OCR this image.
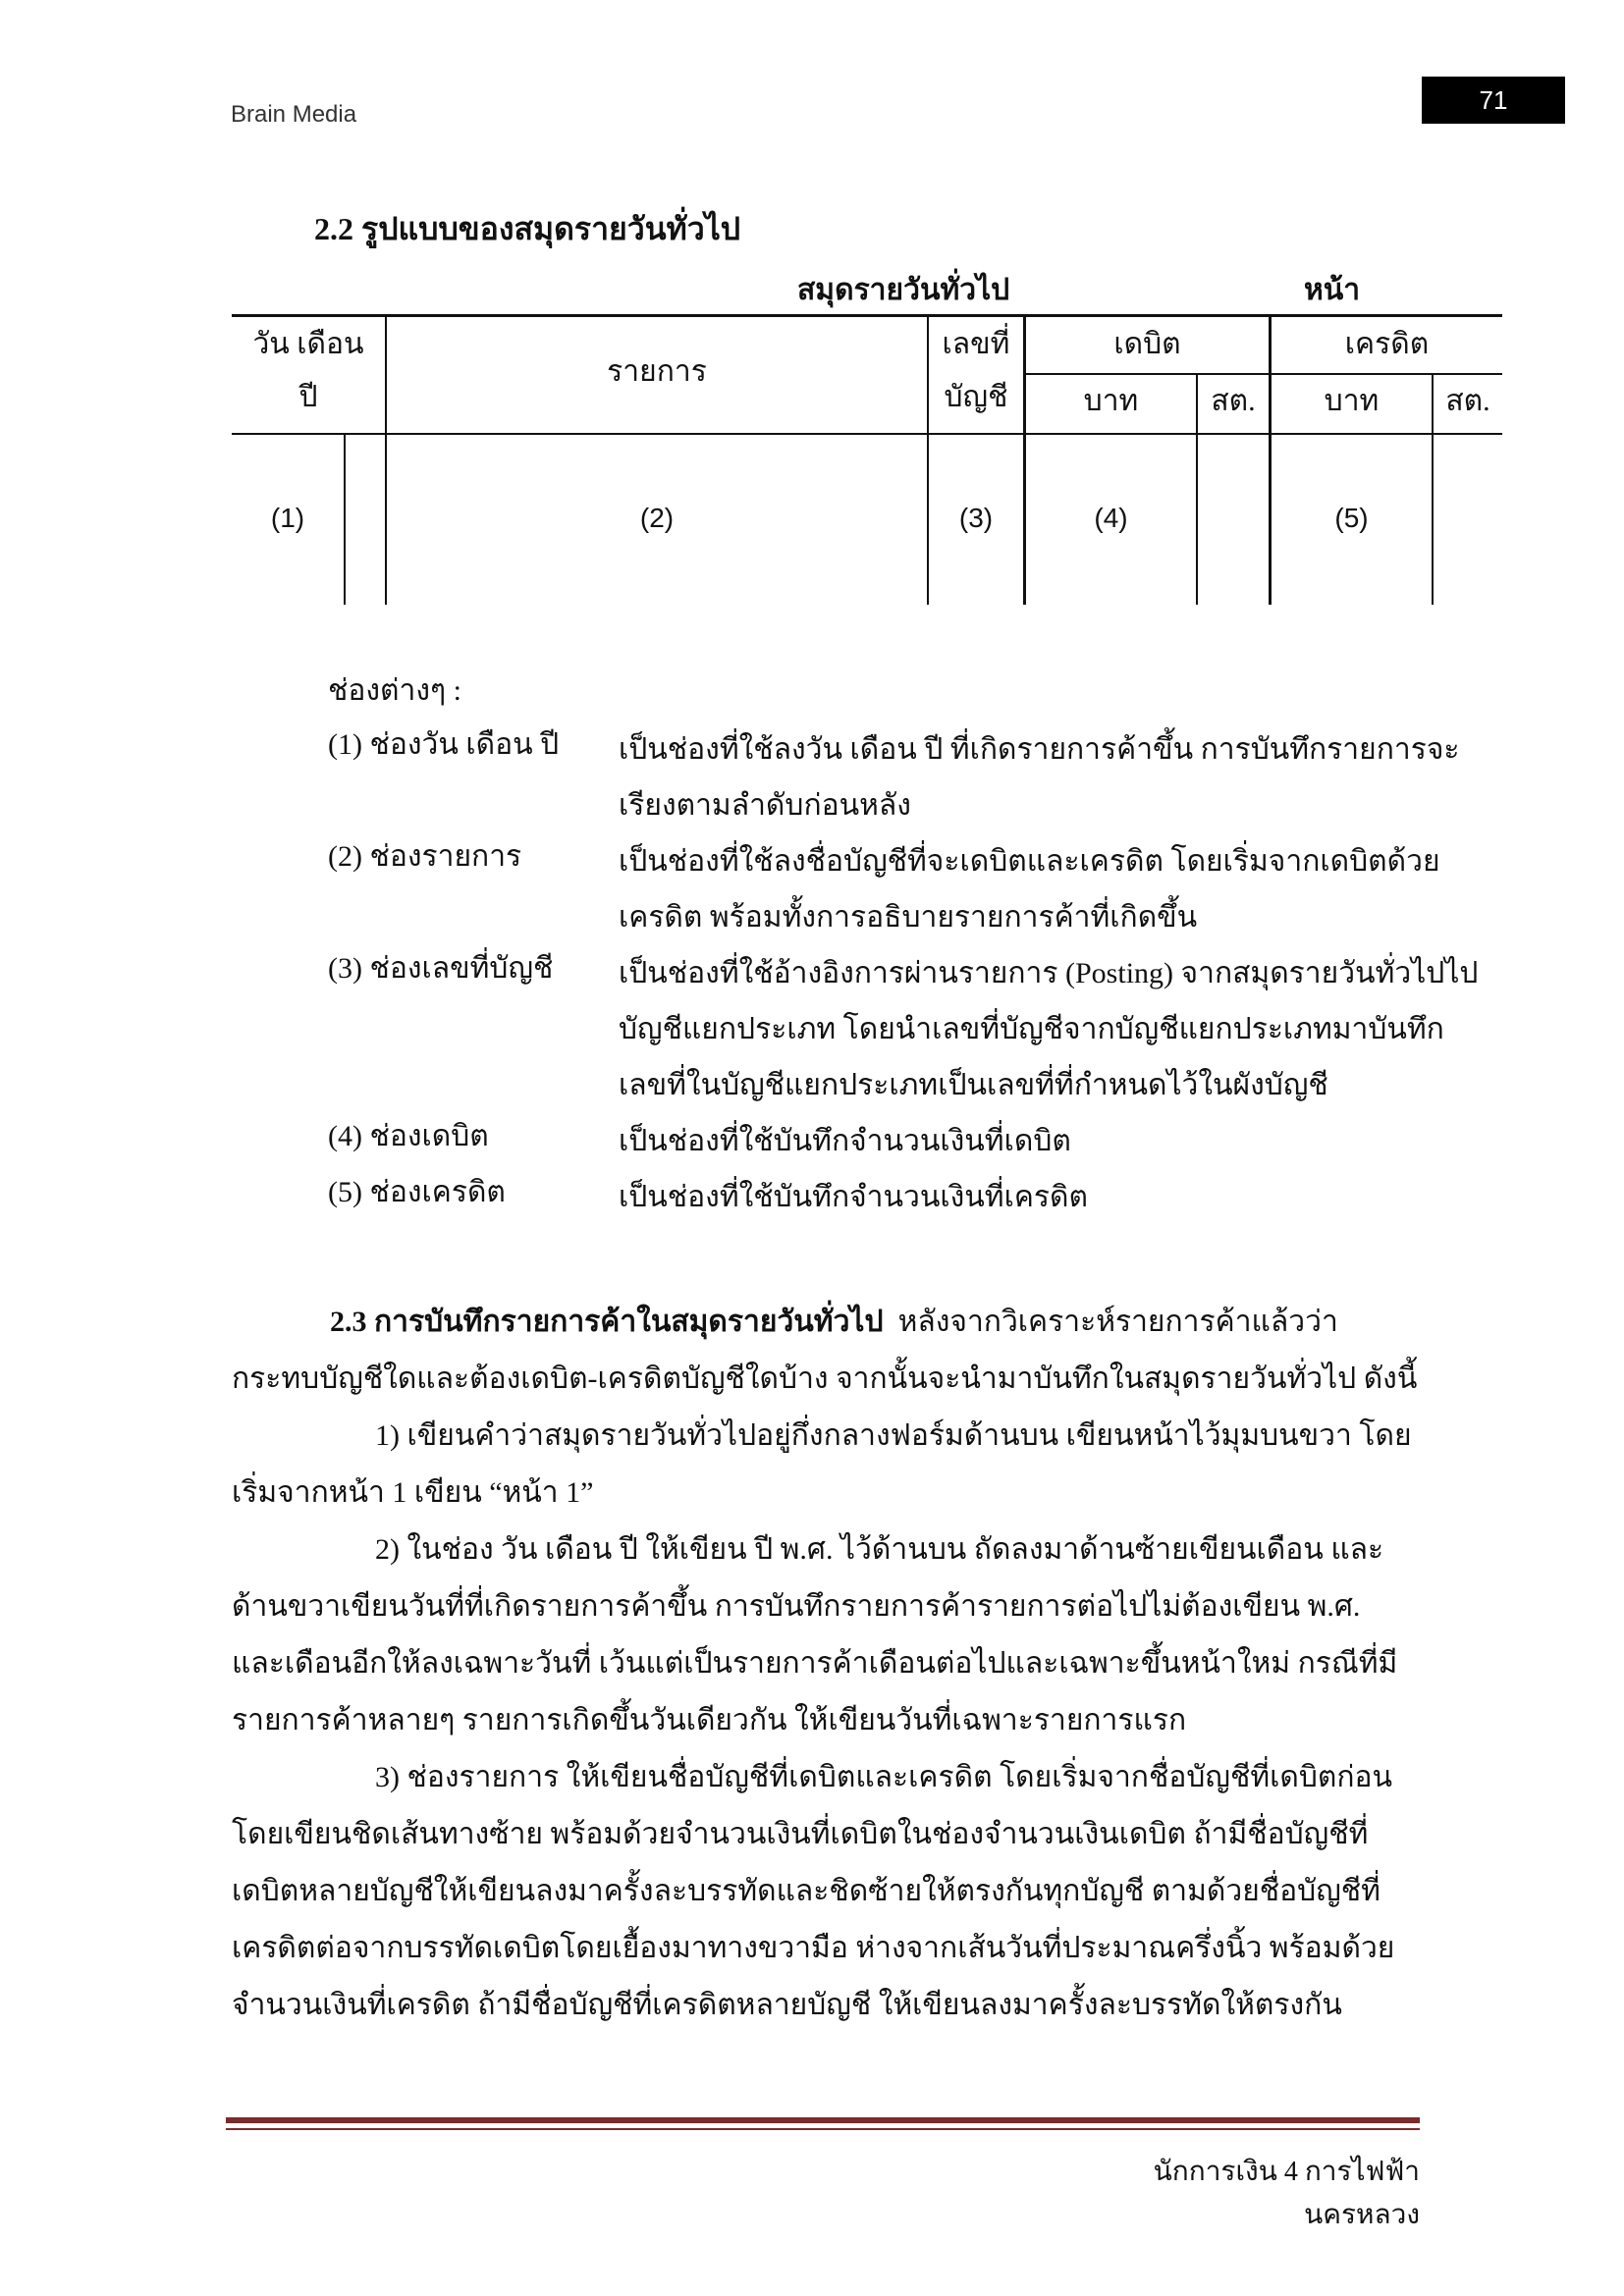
Brain Media	71
2.2 รูปแบบของสมุดรายวันทั่วไป
สมุดรายวันทั่วไป	หน้า
วัน เดือน
ปี
รายการ
เลขที่
บัญชี
เดบิต	เครดิต
บาท	สต.	บาท	สต.
(1)	(2)	(3)	(4)	(5)
ช่องต่างๆ :
(1) ช่องวัน เดือน ปี เป็นช่องที่ใช้ลงวัน เดือน ปี ที่เกิดรายการค้าขึ้น การบันทึกรายการจะ
เรียงตามลำดับก่อนหลัง
(2) ช่องรายการ	เป็นช่องที่ใช้ลงชื่อบัญชีที่จะเดบิตและเครดิต โดยเริ่มจากเดบิตด้วย
เครดิต พร้อมทั้งการอธิบายรายการค้าที่เกิดขึ้น
(3) ช่องเลขที่บัญชี เป็นช่องที่ใช้อ้างอิงการผ่านรายการ (Posting) จากสมุดรายวันทั่วไปไป
บัญชีแยกประเภท โดยนำเลขที่บัญชีจากบัญชีแยกประเภทมาบันทึก
เลขที่ในบัญชีแยกประเภทเป็นเลขที่ที่กำหนดไว้ในผังบัญชี
(4) ช่องเดบิต	เป็นช่องที่ใช้บันทึกจำนวนเงินที่เดบิต
(5) ช่องเครดิต	เป็นช่องที่ใช้บันทึกจำนวนเงินที่เครดิต

2.3 การบันทึกรายการค้าในสมุดรายวันทั่วไป หลังจากวิเคราะห์รายการค้าแล้วว่ากระทบบัญชีใดและต้องเดบิต-เครดิตบัญชีใดบ้าง จากนั้นจะนำมาบันทึกในสมุดรายวันทั่วไป ดังนี้

1) เขียนคำว่าสมุดรายวันทั่วไปอยู่กึ่งกลางฟอร์มด้านบน เขียนหน้าไว้มุมบนขวา โดยเริ่มจากหน้า 1 เขียน “หน้า 1”

2) ในช่อง วัน เดือน ปี ให้เขียน ปี พ.ศ. ไว้ด้านบน ถัดลงมาด้านซ้ายเขียนเดือน และด้านขวาเขียนวันที่ที่เกิดรายการค้าขึ้น การบันทึกรายการค้ารายการต่อไปไม่ต้องเขียน พ.ศ. และเดือนอีกให้ลงเฉพาะวันที่ เว้นแต่เป็นรายการค้าเดือนต่อไปและเฉพาะขึ้นหน้าใหม่ กรณีที่มีรายการค้าหลายๆ รายการเกิดขึ้นวันเดียวกัน ให้เขียนวันที่เฉพาะรายการแรก

3) ช่องรายการ ให้เขียนชื่อบัญชีที่เดบิตและเครดิต โดยเริ่มจากชื่อบัญชีที่เดบิตก่อน โดยเขียนชิดเส้นทางซ้าย พร้อมด้วยจำนวนเงินที่เดบิตในช่องจำนวนเงินเดบิต ถ้ามีชื่อบัญชีที่เดบิตหลายบัญชีให้เขียนลงมาครั้งละบรรทัดและชิดซ้ายให้ตรงกันทุกบัญชี ตามด้วยชื่อบัญชีที่เครดิตต่อจากบรรทัดเดบิตโดยเยื้องมาทางขวามือ ห่างจากเส้นวันที่ประมาณครึ่งนิ้ว พร้อมด้วยจำนวนเงินที่เครดิต ถ้ามีชื่อบัญชีที่เครดิตหลายบัญชี ให้เขียนลงมาครั้งละบรรทัดให้ตรงกัน

นักการเงิน 4 การไฟฟ้านครหลวง
